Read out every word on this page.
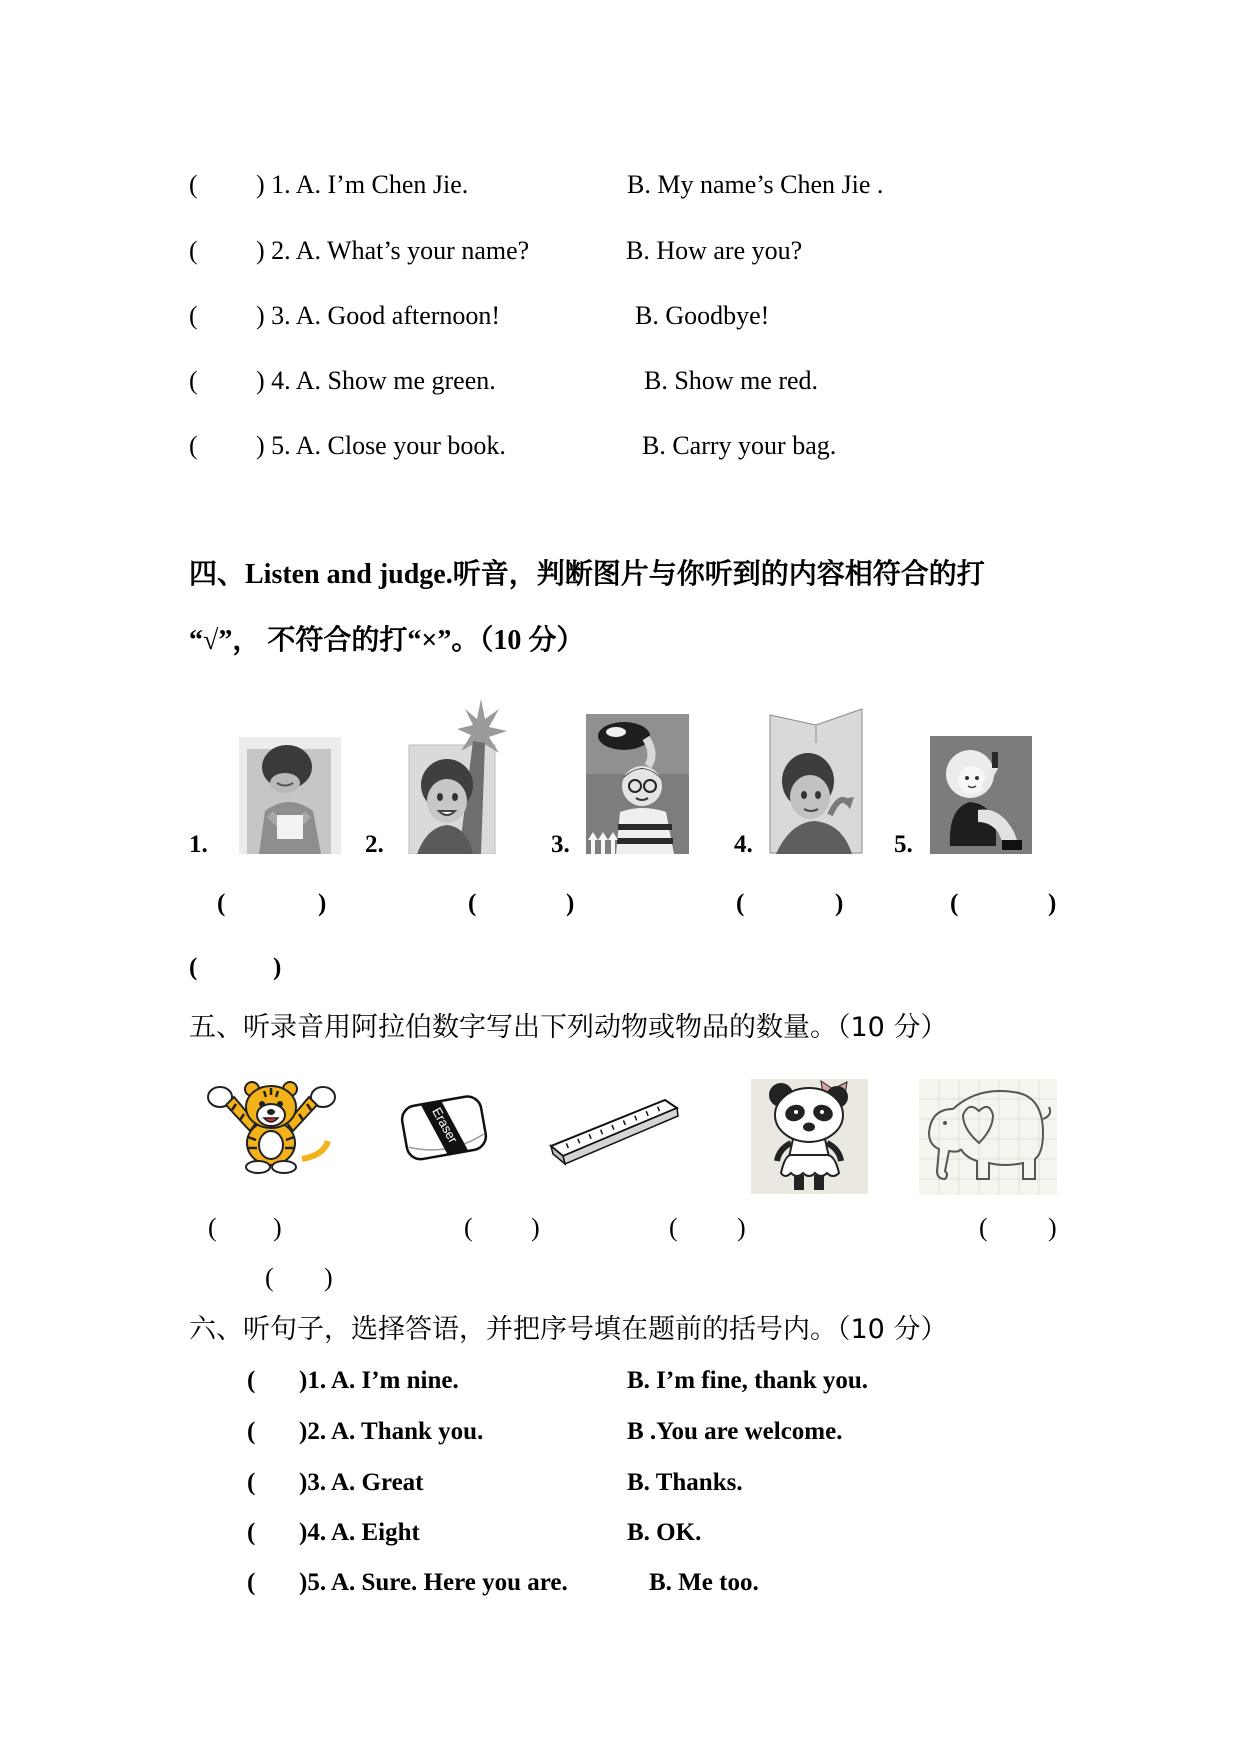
( ) 1. A. I’m Chen Jie.	B. My name’s Chen Jie .
( ) 2. A. What’s your name?	B. How are you?
( ) 3. A. Good afternoon!	B. Goodbye!
( ) 4. A. Show me green.	B. Show me red.
( ) 5. A. Close your book.	B. Carry your bag.
四、Listen and judge.听音，判断图片与你听到的内容相符合的打
“√”， 不符合的打“×”。（10 分）
1.	2.	3.	4.	5.
(	)	(	)	(	)	(	)
(	)
五、听录音用阿拉伯数字写出下列动物或物品的数量。（10 分）
Eraser
( )	( )	( )	( )
( )
六、听句子，选择答语，并把序号填在题前的括号内。（10 分）
( )1. A. I’m nine.	B. I’m fine, thank you.
( )2. A. Thank you.	B .You are welcome.
( )3. A. Great	B. Thanks.
( )4. A. Eight	B. OK.
( )5. A. Sure. Here you are.	B. Me too.
